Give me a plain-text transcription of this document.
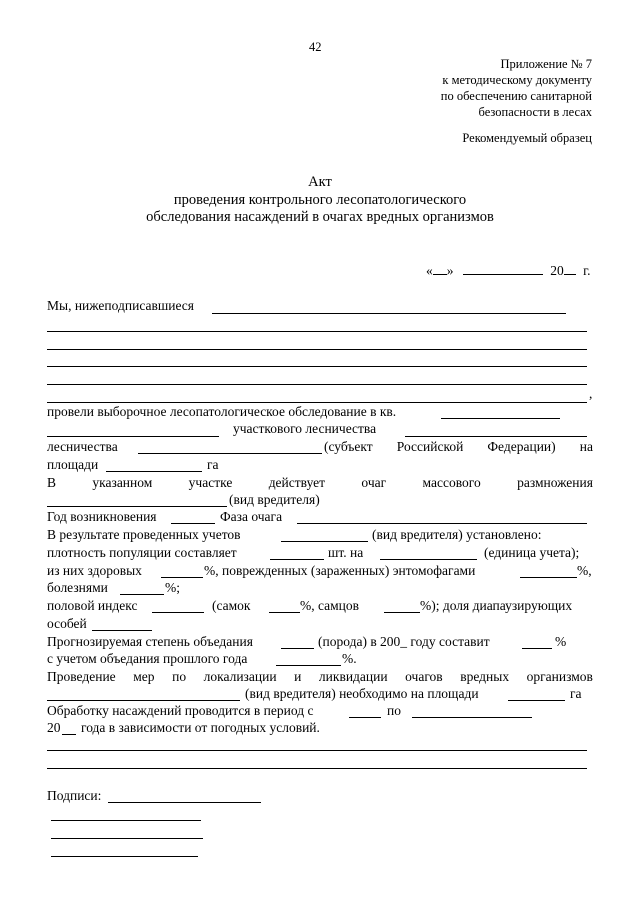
42
Приложение № 7
к методическому документу
по обеспечению санитарной
безопасности в лесах
Рекомендуемый образец
Акт
проведения контрольного лесопатологического
обследования насаждений в очагах вредных организмов
« »	20 г.
Мы, нижеподписавшиеся
,
провели выборочное лесопатологическое обследование в кв.
участкового лесничества
лесничества	(субъект Российской Федерации) на
площади	га
В	указанном	участке	действует	очаг	массового	размножения
(вид вредителя)
Год возникновения	Фаза очага
В результате проведенных учетов	(вид вредителя) установлено:
плотность популяции составляет	шт. на	(единица учета);
из них здоровых	%, поврежденных (зараженных) энтомофагами	%,
болезнями	%;
половой индекс	(самок	%, самцов	%); доля диапаузирующих
особей
Прогнозируемая степень объедания	(порода) в 200_ году составит	%
с учетом объедания прошлого года	%.
Проведение мер по локализации и ликвидации очагов вредных организмов
(вид вредителя) необходимо на площади	га
Обработку насаждений проводится в период с	по
20 года в зависимости от погодных условий.
Подписи:
